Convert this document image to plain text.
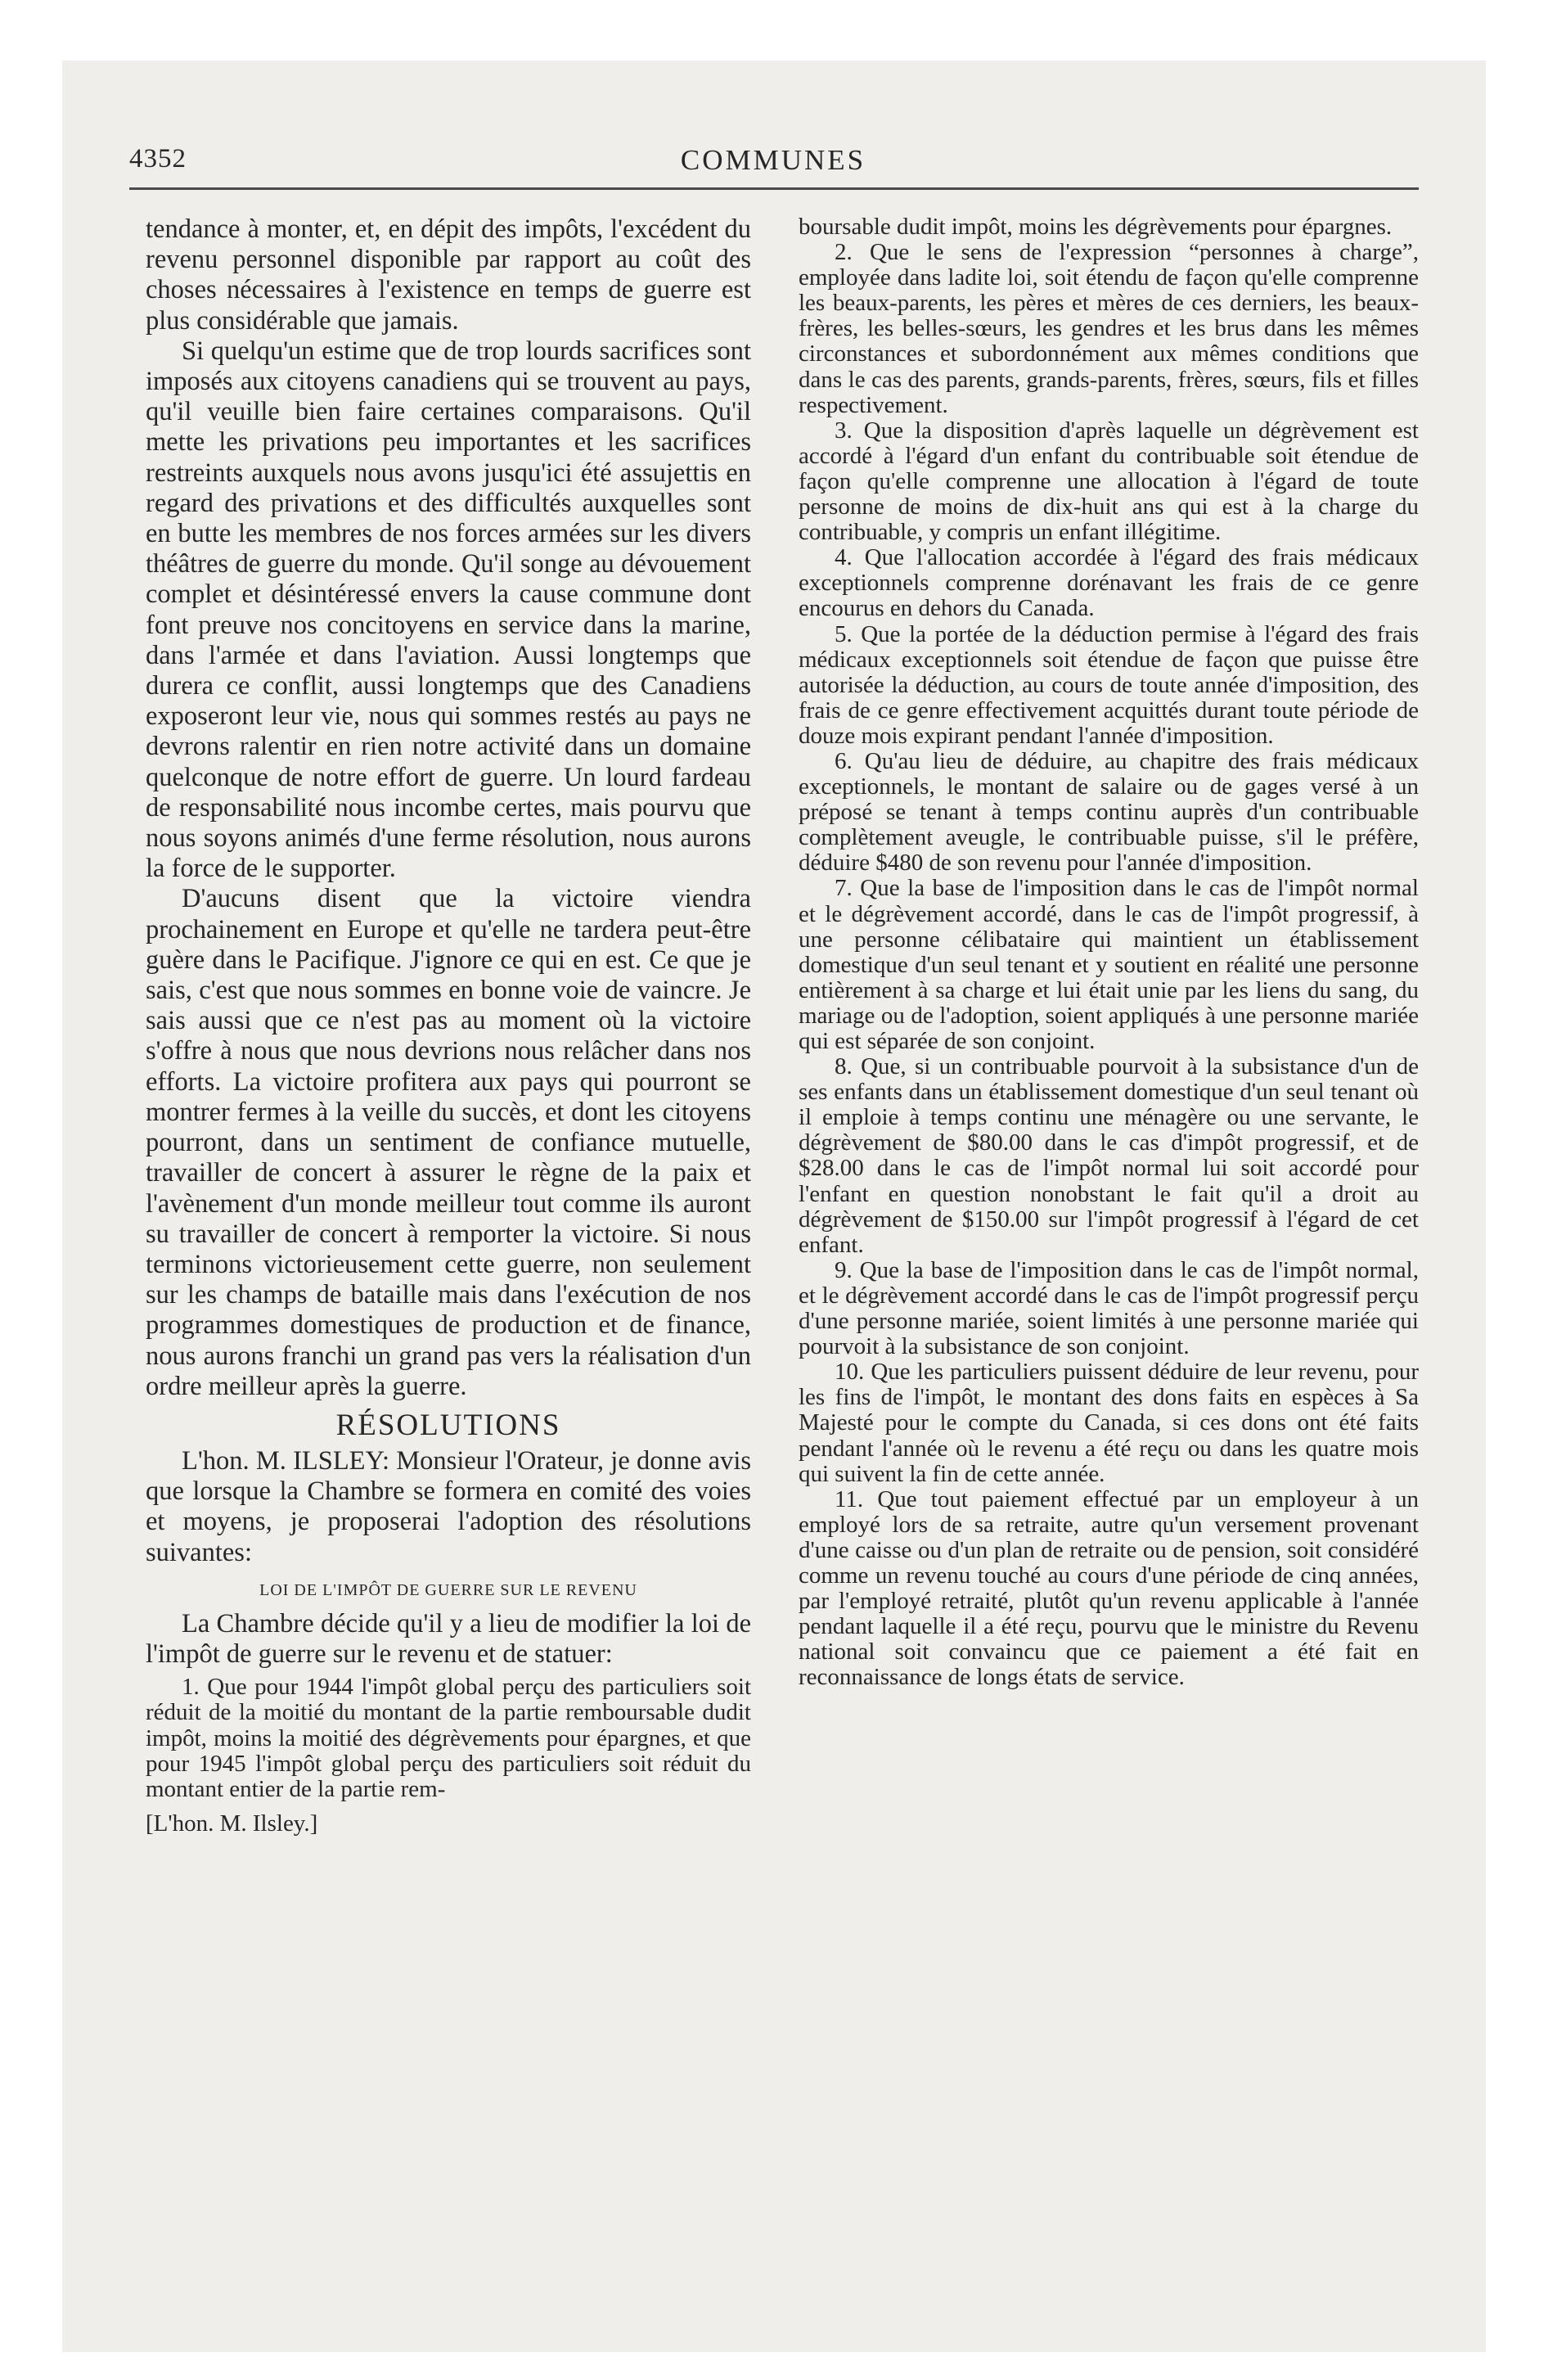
4352	COMMUNES

tendance à monter, et, en dépit des impôts, l'excédent du revenu personnel disponible par rapport au coût des choses nécessaires à l'existence en temps de guerre est plus considérable que jamais.

Si quelqu'un estime que de trop lourds sacrifices sont imposés aux citoyens canadiens qui se trouvent au pays, qu'il veuille bien faire certaines comparaisons. Qu'il mette les privations peu importantes et les sacrifices restreints auxquels nous avons jusqu'ici été assujettis en regard des privations et des difficultés auxquelles sont en butte les membres de nos forces armées sur les divers théâtres de guerre du monde. Qu'il songe au dévouement complet et désintéressé envers la cause commune dont font preuve nos concitoyens en service dans la marine, dans l'armée et dans l'aviation. Aussi longtemps que durera ce conflit, aussi longtemps que des Canadiens exposeront leur vie, nous qui sommes restés au pays ne devrons ralentir en rien notre activité dans un domaine quelconque de notre effort de guerre. Un lourd fardeau de responsabilité nous incombe certes, mais pourvu que nous soyons animés d'une ferme résolution, nous aurons la force de le supporter.

D'aucuns disent que la victoire viendra prochainement en Europe et qu'elle ne tardera peut-être guère dans le Pacifique. J'ignore ce qui en est. Ce que je sais, c'est que nous sommes en bonne voie de vaincre. Je sais aussi que ce n'est pas au moment où la victoire s'offre à nous que nous devrions nous relâcher dans nos efforts. La victoire profitera aux pays qui pourront se montrer fermes à la veille du succès, et dont les citoyens pourront, dans un sentiment de confiance mutuelle, travailler de concert à assurer le règne de la paix et l'avènement d'un monde meilleur tout comme ils auront su travailler de concert à remporter la victoire. Si nous terminons victorieusement cette guerre, non seulement sur les champs de bataille mais dans l'exécution de nos programmes domestiques de production et de finance, nous aurons franchi un grand pas vers la réalisation d'un ordre meilleur après la guerre.

RÉSOLUTIONS

L'hon. M. ILSLEY: Monsieur l'Orateur, je donne avis que lorsque la Chambre se formera en comité des voies et moyens, je proposerai l'adoption des résolutions suivantes:

LOI DE L'IMPÔT DE GUERRE SUR LE REVENU

La Chambre décide qu'il y a lieu de modifier la loi de l'impôt de guerre sur le revenu et de statuer:

1. Que pour 1944 l'impôt global perçu des particuliers soit réduit de la moitié du montant de la partie remboursable dudit impôt, moins la moitié des dégrèvements pour épargnes, et que pour 1945 l'impôt global perçu des particuliers soit réduit du montant entier de la partie rem-

[L'hon. M. Ilsley.]

boursable dudit impôt, moins les dégrèvements pour épargnes.

2. Que le sens de l'expression “personnes à charge”, employée dans ladite loi, soit étendu de façon qu'elle comprenne les beaux-parents, les pères et mères de ces derniers, les beaux-frères, les belles-sœurs, les gendres et les brus dans les mêmes circonstances et subordonnément aux mêmes conditions que dans le cas des parents, grands-parents, frères, sœurs, fils et filles respectivement.

3. Que la disposition d'après laquelle un dégrèvement est accordé à l'égard d'un enfant du contribuable soit étendue de façon qu'elle comprenne une allocation à l'égard de toute personne de moins de dix-huit ans qui est à la charge du contribuable, y compris un enfant illégitime.

4. Que l'allocation accordée à l'égard des frais médicaux exceptionnels comprenne dorénavant les frais de ce genre encourus en dehors du Canada.

5. Que la portée de la déduction permise à l'égard des frais médicaux exceptionnels soit étendue de façon que puisse être autorisée la déduction, au cours de toute année d'imposition, des frais de ce genre effectivement acquittés durant toute période de douze mois expirant pendant l'année d'imposition.

6. Qu'au lieu de déduire, au chapitre des frais médicaux exceptionnels, le montant de salaire ou de gages versé à un préposé se tenant à temps continu auprès d'un contribuable complètement aveugle, le contribuable puisse, s'il le préfère, déduire $480 de son revenu pour l'année d'imposition.

7. Que la base de l'imposition dans le cas de l'impôt normal et le dégrèvement accordé, dans le cas de l'impôt progressif, à une personne célibataire qui maintient un établissement domestique d'un seul tenant et y soutient en réalité une personne entièrement à sa charge et lui était unie par les liens du sang, du mariage ou de l'adoption, soient appliqués à une personne mariée qui est séparée de son conjoint.

8. Que, si un contribuable pourvoit à la subsistance d'un de ses enfants dans un établissement domestique d'un seul tenant où il emploie à temps continu une ménagère ou une servante, le dégrèvement de $80.00 dans le cas d'impôt progressif, et de $28.00 dans le cas de l'impôt normal lui soit accordé pour l'enfant en question nonobstant le fait qu'il a droit au dégrèvement de $150.00 sur l'impôt progressif à l'égard de cet enfant.

9. Que la base de l'imposition dans le cas de l'impôt normal, et le dégrèvement accordé dans le cas de l'impôt progressif perçu d'une personne mariée, soient limités à une personne mariée qui pourvoit à la subsistance de son conjoint.

10. Que les particuliers puissent déduire de leur revenu, pour les fins de l'impôt, le montant des dons faits en espèces à Sa Majesté pour le compte du Canada, si ces dons ont été faits pendant l'année où le revenu a été reçu ou dans les quatre mois qui suivent la fin de cette année.

11. Que tout paiement effectué par un employeur à un employé lors de sa retraite, autre qu'un versement provenant d'une caisse ou d'un plan de retraite ou de pension, soit considéré comme un revenu touché au cours d'une période de cinq années, par l'employé retraité, plutôt qu'un revenu applicable à l'année pendant laquelle il a été reçu, pourvu que le ministre du Revenu national soit convaincu que ce paiement a été fait en reconnaissance de longs états de service.
